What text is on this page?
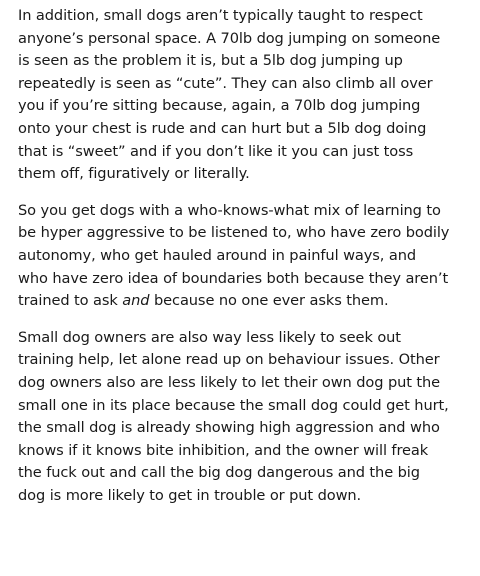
In addition, small dogs aren’t typically taught to respect
anyone’s personal space. A 70lb dog jumping on someone
is seen as the problem it is, but a 5lb dog jumping up
repeatedly is seen as “cute”. They can also climb all over
you if you’re sitting because, again, a 70lb dog jumping
onto your chest is rude and can hurt but a 5lb dog doing
that is “sweet” and if you don’t like it you can just toss
them off, figuratively or literally.

So you get dogs with a who-knows-what mix of learning to
be hyper aggressive to be listened to, who have zero bodily
autonomy, who get hauled around in painful ways, and
who have zero idea of boundaries both because they aren’t
trained to ask and because no one ever asks them.

Small dog owners are also way less likely to seek out
training help, let alone read up on behaviour issues. Other
dog owners also are less likely to let their own dog put the
small one in its place because the small dog could get hurt,
the small dog is already showing high aggression and who
knows if it knows bite inhibition, and the owner will freak
the fuck out and call the big dog dangerous and the big
dog is more likely to get in trouble or put down.
